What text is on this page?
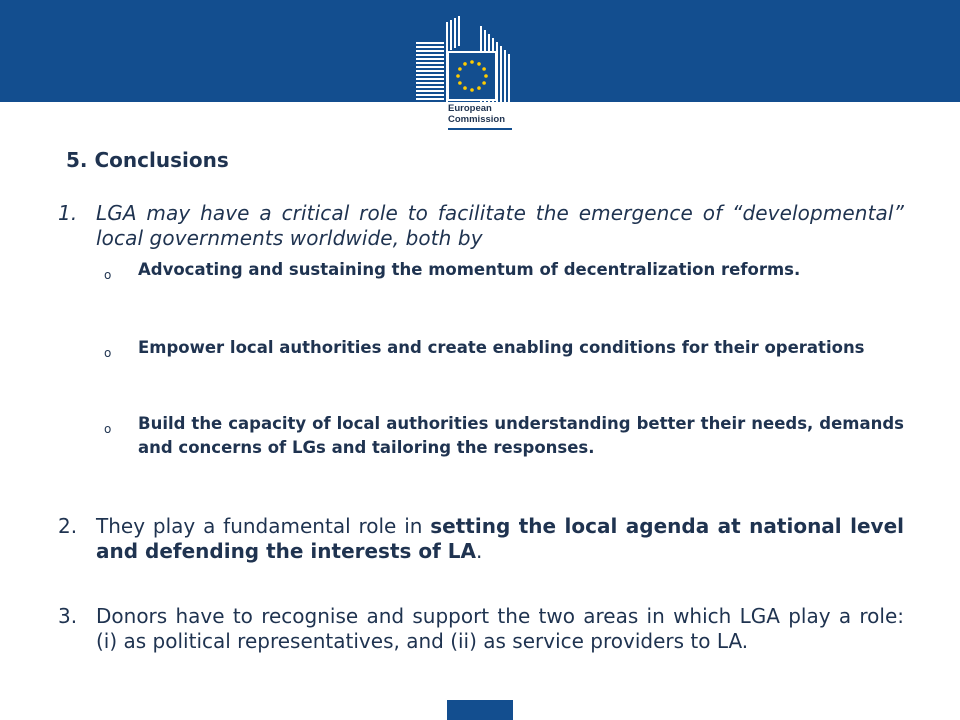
European
Commission
5. Conclusions
1. LGA may have a critical role to facilitate the emergence of “developmental” local governments worldwide, both by
o Advocating and sustaining the momentum of decentralization reforms.
o Empower local authorities and create enabling conditions for their operations
o Build the capacity of local authorities understanding better their needs, demands and concerns of LGs and tailoring the responses.
2. They play a fundamental role in setting the local agenda at national level and defending the interests of LA.
3. Donors have to recognise and support the two areas in which LGA play a role: (i) as political representatives, and (ii) as service providers to LA.
